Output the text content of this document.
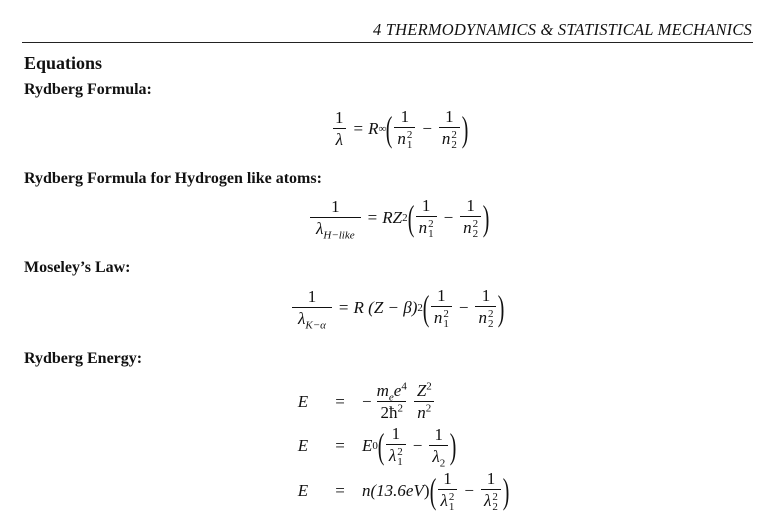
4 THERMODYNAMICS & STATISTICAL MECHANICS
Equations
Rydberg Formula:
Rydberg Formula for Hydrogen like atoms:
Moseley’s Law:
Rydberg Energy:
$\frac{1}{\lambda} = R$ ∞ ( 1
n 2
1 − 1
n 2
2 )
$\frac{1}{\lambda_{H-like}} = R$ Z 2 ( 1
n 2
1 − 1
n 2
2 )
$\frac{1}{\lambda_{K-\alpha}} = R$
(Z − β) 2 ( 1
n 2
1 − 1
n 2
2 )
E	=	− $\frac{m_ee^4}{2ħ^2} \frac{Z^2}{n^2}$
E	=	E 0 ( 1
λ 2
$1 - \frac{1}{\lambda_2}$ )
E	=	n(13.6 eV ) ( 1
λ 2
1 − 1
λ 2
2 )
